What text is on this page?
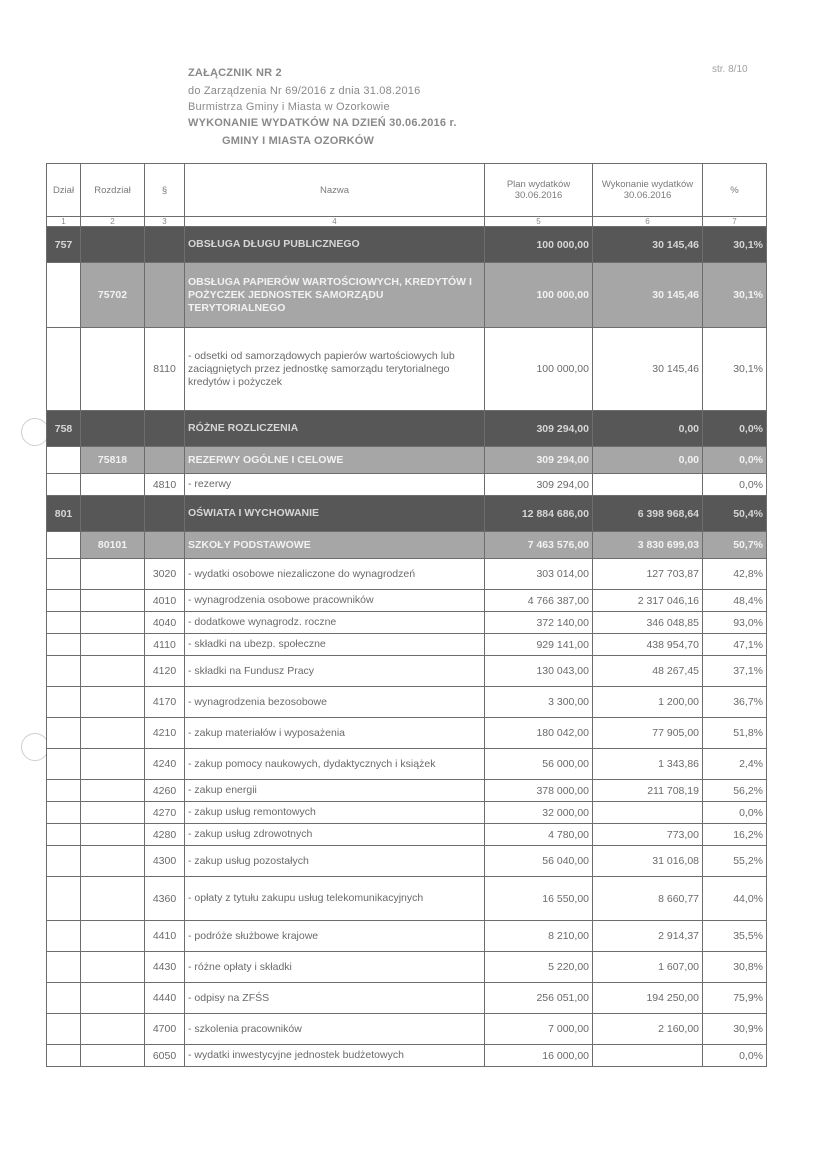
ZAŁĄCZNIK NR 2
do Zarządzenia Nr 69/2016 z dnia 31.08.2016
Burmistrza Gminy i Miasta w Ozorkowie
WYKONANIE WYDATKÓW NA DZIEŃ 30.06.2016 r.
GMINY I MIASTA OZORKÓW
str. 8/10
Dział	Rozdział	§	Nazwa	Plan wydatków 30.06.2016	Wykonanie wydatków 30.06.2016	%
1	2	3	4	5	6	7
757			OBSŁUGA DŁUGU PUBLICZNEGO	100 000,00	30 145,46	30,1%
	75702		OBSŁUGA PAPIERÓW WARTOŚCIOWYCH, KREDYTÓW I POŻYCZEK JEDNOSTEK SAMORZĄDU TERYTORIALNEGO	100 000,00	30 145,46	30,1%
		8110	- odsetki od samorządowych papierów wartościowych lub zaciągniętych przez jednostkę samorządu terytorialnego kredytów i pożyczek	100 000,00	30 145,46	30,1%
758			RÓŻNE ROZLICZENIA	309 294,00	0,00	0,0%
	75818		REZERWY OGÓLNE I CELOWE	309 294,00	0,00	0,0%
		4810	- rezerwy	309 294,00		0,0%
801			OŚWIATA I WYCHOWANIE	12 884 686,00	6 398 968,64	50,4%
	80101		SZKOŁY PODSTAWOWE	7 463 576,00	3 830 699,03	50,7%
		3020	- wydatki osobowe niezaliczone do wynagrodzeń	303 014,00	127 703,87	42,8%
		4010	- wynagrodzenia osobowe pracowników	4 766 387,00	2 317 046,16	48,4%
		4040	- dodatkowe wynagrodz. roczne	372 140,00	346 048,85	93,0%
		4110	- składki na ubezp. społeczne	929 141,00	438 954,70	47,1%
		4120	- składki na Fundusz Pracy	130 043,00	48 267,45	37,1%
		4170	- wynagrodzenia bezosobowe	3 300,00	1 200,00	36,7%
		4210	- zakup materiałów i wyposażenia	180 042,00	77 905,00	51,8%
		4240	- zakup pomocy naukowych, dydaktycznych i książek	56 000,00	1 343,86	2,4%
		4260	- zakup energii	378 000,00	211 708,19	56,2%
		4270	- zakup usług remontowych	32 000,00		0,0%
		4280	- zakup usług zdrowotnych	4 780,00	773,00	16,2%
		4300	- zakup usług pozostałych	56 040,00	31 016,08	55,2%
		4360	- opłaty z tytułu zakupu usług telekomunikacyjnych	16 550,00	8 660,77	44,0%
		4410	- podróże służbowe krajowe	8 210,00	2 914,37	35,5%
		4430	- różne opłaty i składki	5 220,00	1 607,00	30,8%
		4440	- odpisy na ZFŚS	256 051,00	194 250,00	75,9%
		4700	- szkolenia pracowników	7 000,00	2 160,00	30,9%
		6050	- wydatki inwestycyjne jednostek budżetowych	16 000,00		0,0%
